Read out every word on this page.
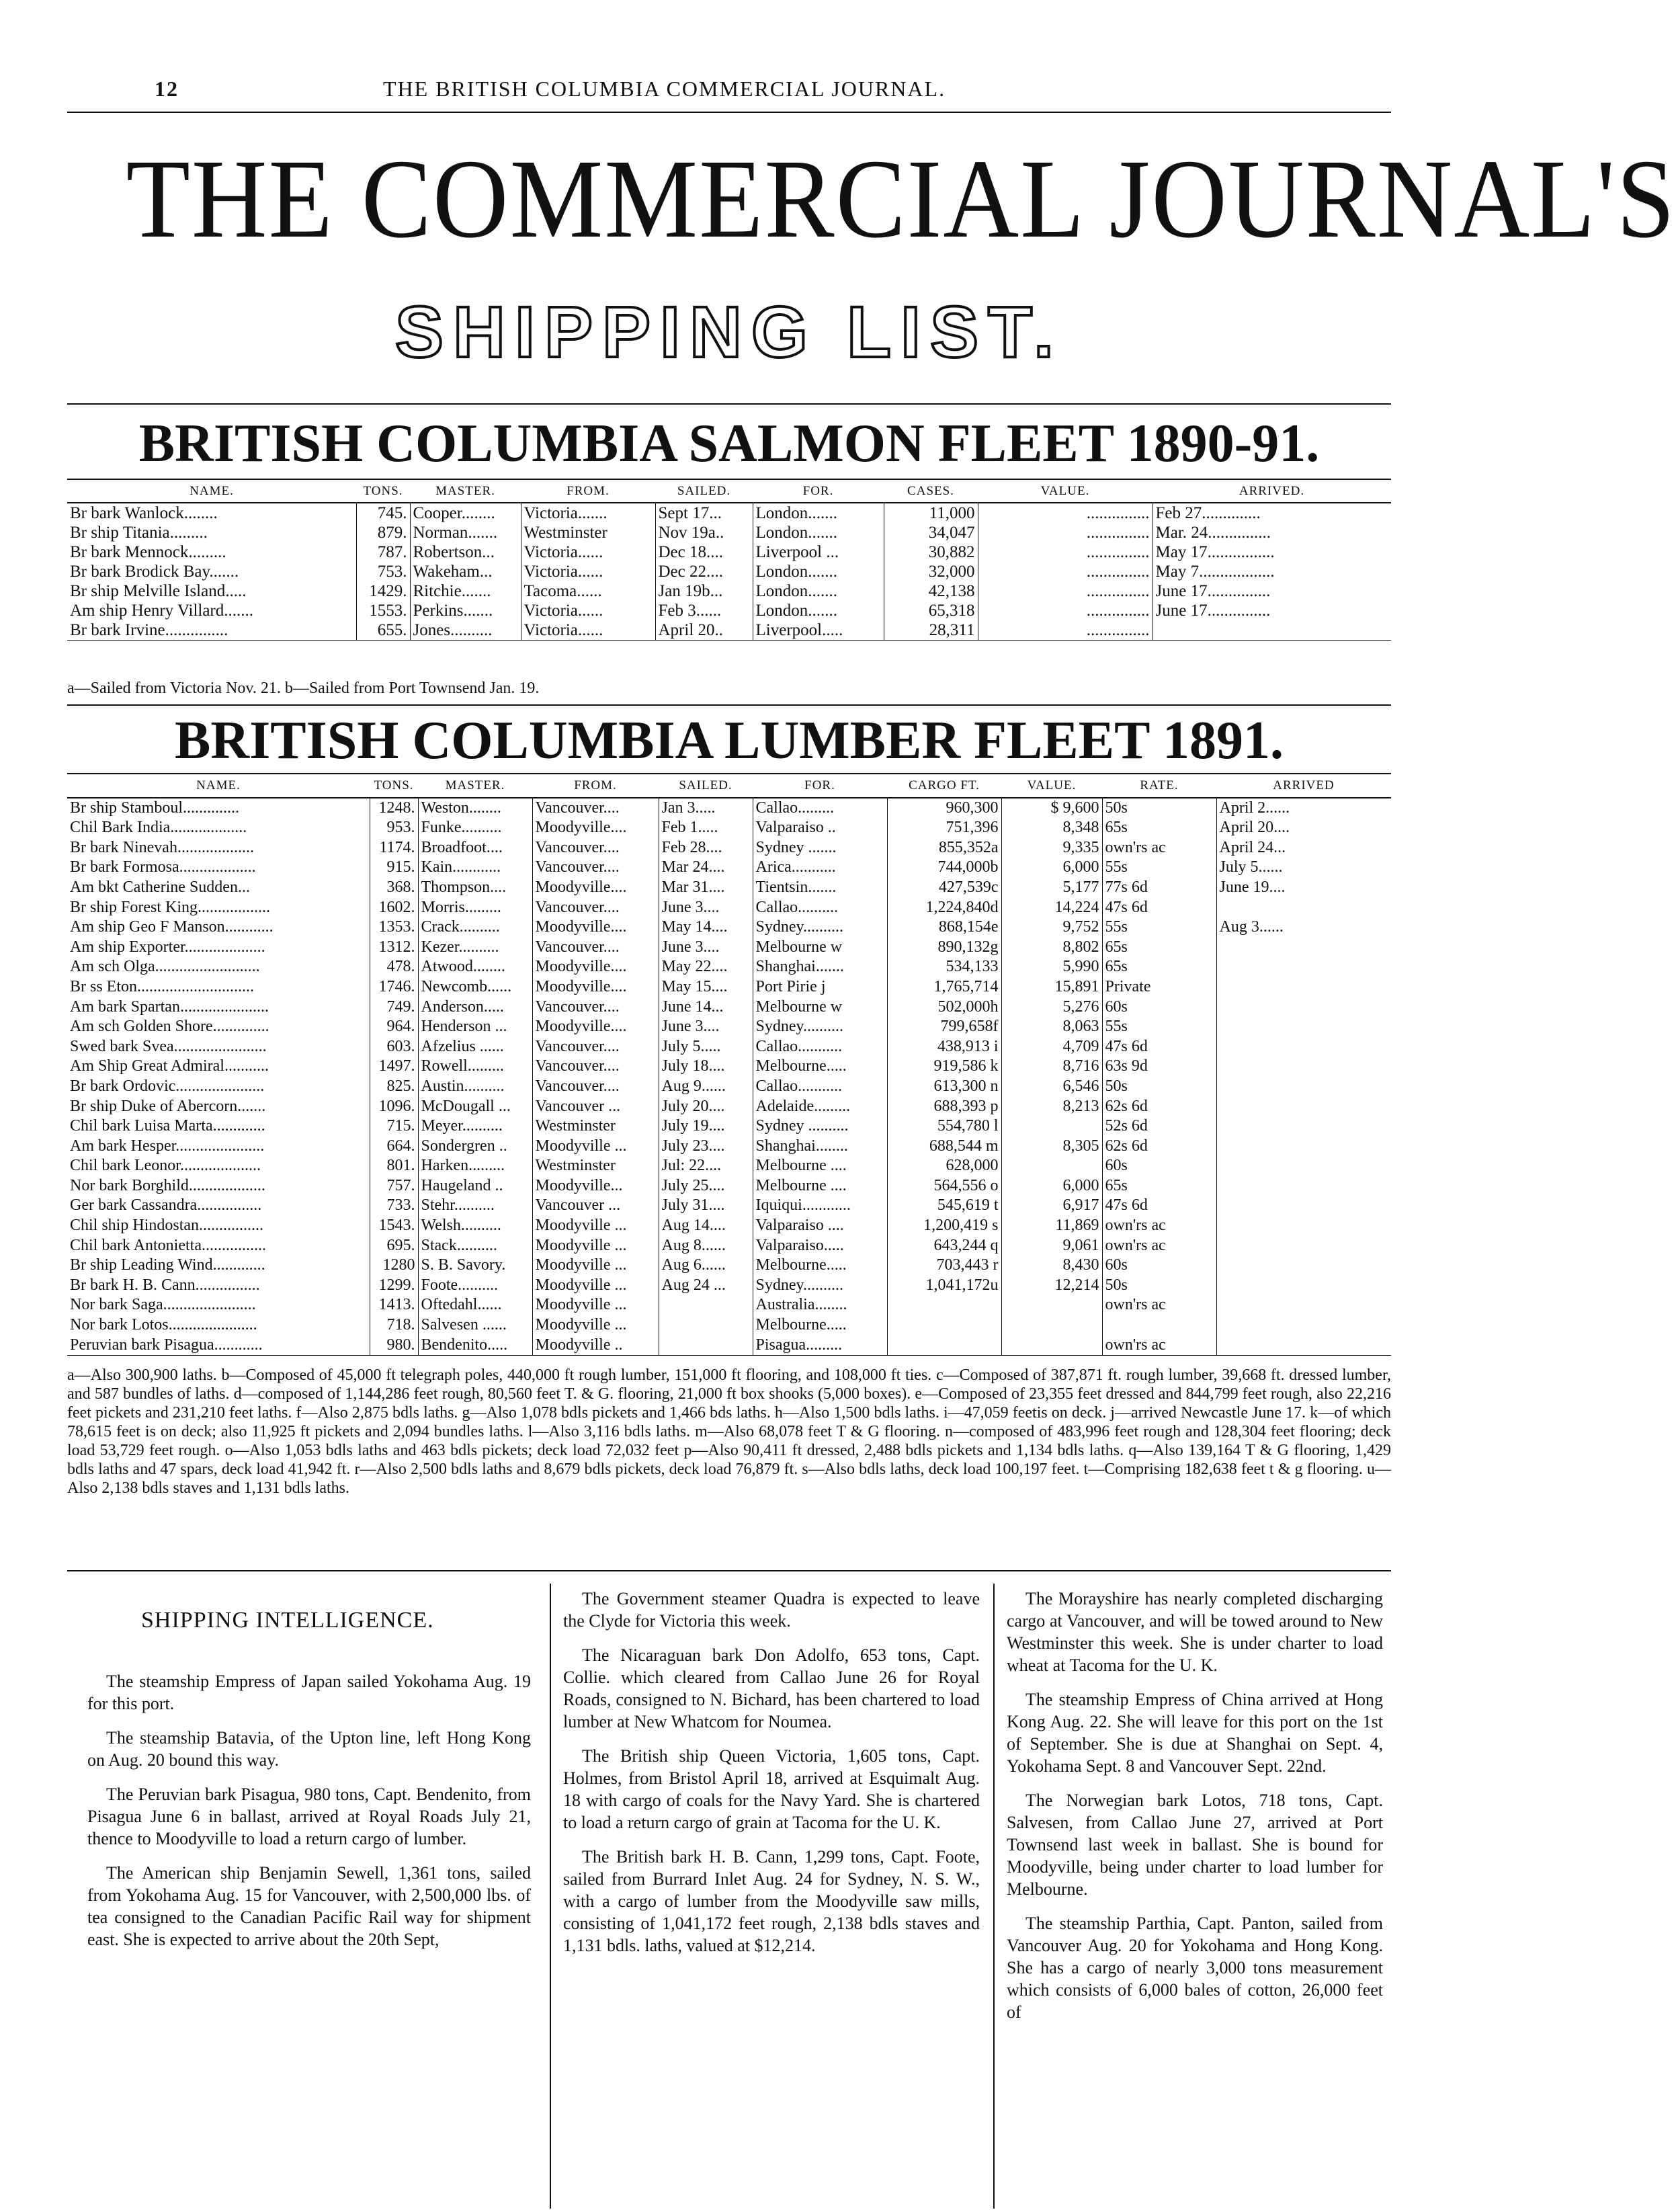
12	THE BRITISH COLUMBIA COMMERCIAL JOURNAL.
THE COMMERCIAL JOURNAL'S
SHIPPING LIST.
BRITISH COLUMBIA SALMON FLEET 1890-91.
NAME.	TONS.	MASTER.	FROM.	SAILED.	FOR.	CASES.	VALUE.	ARRIVED.
Br bark Wanlock........	745.	Cooper........	Victoria.......	Sept 17...	London.......	11,000	...............	Feb 27..............
Br ship Titania.........	879.	Norman.......	Westminster	Nov 19a..	London.......	34,047	...............	Mar. 24...............
Br bark Mennock.........	787.	Robertson...	Victoria......	Dec 18....	Liverpool ...	30,882	...............	May 17................
Br bark Brodick Bay.......	753.	Wakeham...	Victoria......	Dec 22....	London.......	32,000	...............	May 7..................
Br ship Melville Island.....	1429.	Ritchie.......	Tacoma......	Jan 19b...	London.......	42,138	...............	June 17...............
Am ship Henry Villard.......	1553.	Perkins.......	Victoria......	Feb 3......	London.......	65,318	...............	June 17...............
Br bark Irvine...............	655.	Jones..........	Victoria......	April 20..	Liverpool.....	28,311	...............	
a—Sailed from Victoria Nov. 21. b—Sailed from Port Townsend Jan. 19.
BRITISH COLUMBIA LUMBER FLEET 1891.
NAME.	TONS.	MASTER.	FROM.	SAILED.	FOR.	CARGO FT.	VALUE.	RATE.	ARRIVED
Br ship Stamboul..............	1248.	Weston........	Vancouver....	Jan 3.....	Callao.........	960,300	$ 9,600	50s	April 2......
Chil Bark India...................	953.	Funke..........	Moodyville....	Feb 1.....	Valparaiso ..	751,396	8,348	65s	April 20....
Br bark Ninevah...................	1174.	Broadfoot....	Vancouver....	Feb 28....	Sydney .......	855,352a	9,335	own'rs ac	April 24...
Br bark Formosa...................	915.	Kain............	Vancouver....	Mar 24....	Arica...........	744,000b	6,000	55s	July 5......
Am bkt Catherine Sudden...	368.	Thompson....	Moodyville....	Mar 31....	Tientsin.......	427,539c	5,177	77s 6d	June 19....
Br ship Forest King..................	1602.	Morris.........	Vancouver....	June 3....	Callao..........	1,224,840d	14,224	47s 6d	
Am ship Geo F Manson............	1353.	Crack..........	Moodyville....	May 14....	Sydney..........	868,154e	9,752	55s	Aug 3......
Am ship Exporter....................	1312.	Kezer..........	Vancouver....	June 3....	Melbourne w	890,132g	8,802	65s	
Am sch Olga..........................	478.	Atwood........	Moodyville....	May 22....	Shanghai.......	534,133	5,990	65s	
Br ss Eton.............................	1746.	Newcomb......	Moodyville....	May 15....	Port Pirie j	1,765,714	15,891	Private	
Am bark Spartan......................	749.	Anderson.....	Vancouver....	June 14...	Melbourne w	502,000h	5,276	60s	
Am sch Golden Shore..............	964.	Henderson ...	Moodyville....	June 3....	Sydney..........	799,658f	8,063	55s	
Swed bark Svea.......................	603.	Afzelius ......	Vancouver....	July 5.....	Callao...........	438,913 i	4,709	47s 6d	
Am Ship Great Admiral...........	1497.	Rowell.........	Vancouver....	July 18....	Melbourne.....	919,586 k	8,716	63s 9d	
Br bark Ordovic......................	825.	Austin..........	Vancouver....	Aug 9......	Callao...........	613,300 n	6,546	50s	
Br ship Duke of Abercorn.......	1096.	McDougall ...	Vancouver ...	July 20....	Adelaide.........	688,393 p	8,213	62s 6d	
Chil bark Luisa Marta.............	715.	Meyer..........	Westminster	July 19....	Sydney ..........	554,780 l		52s 6d	
Am bark Hesper......................	664.	Sondergren ..	Moodyville ...	July 23....	Shanghai........	688,544 m	8,305	62s 6d	
Chil bark Leonor....................	801.	Harken.........	Westminster	Jul: 22....	Melbourne ....	628,000		60s	
Nor bark Borghild...................	757.	Haugeland ..	Moodyville...	July 25....	Melbourne ....	564,556 o	6,000	65s	
Ger bark Cassandra................	733.	Stehr..........	Vancouver ...	July 31....	Iquiqui............	545,619 t	6,917	47s 6d	
Chil ship Hindostan................	1543.	Welsh..........	Moodyville ...	Aug 14....	Valparaiso ....	1,200,419 s	11,869	own'rs ac	
Chil bark Antonietta................	695.	Stack..........	Moodyville ...	Aug 8......	Valparaiso.....	643,244 q	9,061	own'rs ac	
Br ship Leading Wind.............	1280	S. B. Savory.	Moodyville ...	Aug 6......	Melbourne.....	703,443 r	8,430	60s	
Br bark H. B. Cann................	1299.	Foote..........	Moodyville ...	Aug 24 ...	Sydney..........	1,041,172u	12,214	50s	
Nor bark Saga.......................	1413.	Oftedahl......	Moodyville ...		Australia........			own'rs ac	
Nor bark Lotos......................	718.	Salvesen ......	Moodyville ...		Melbourne.....				
Peruvian bark Pisagua............	980.	Bendenito.....	Moodyville ..		Pisagua.........			own'rs ac	
a—Also 300,900 laths. b—Composed of 45,000 ft telegraph poles, 440,000 ft rough lumber, 151,000 ft flooring, and 108,000 ft ties. c—Composed of 387,871 ft. rough lumber, 39,668 ft. dressed lumber, and 587 bundles of laths. d—composed of 1,144,286 feet rough, 80,560 feet T. & G. flooring, 21,000 ft box shooks (5,000 boxes). e—Composed of 23,355 feet dressed and 844,799 feet rough, also 22,216 feet pickets and 231,210 feet laths. f—Also 2,875 bdls laths. g—Also 1,078 bdls pickets and 1,466 bds laths. h—Also 1,500 bdls laths. i—47,059 feetis on deck. j—arrived Newcastle June 17. k—of which 78,615 feet is on deck; also 11,925 ft pickets and 2,094 bundles laths. l—Also 3,116 bdls laths. m—Also 68,078 feet T & G flooring. n—composed of 483,996 feet rough and 128,304 feet flooring; deck load 53,729 feet rough. o—Also 1,053 bdls laths and 463 bdls pickets; deck load 72,032 feet p—Also 90,411 ft dressed, 2,488 bdls pickets and 1,134 bdls laths. q—Also 139,164 T & G flooring, 1,429 bdls laths and 47 spars, deck load 41,942 ft. r—Also 2,500 bdls laths and 8,679 bdls pickets, deck load 76,879 ft. s—Also bdls laths, deck load 100,197 feet. t—Comprising 182,638 feet t & g flooring. u—Also 2,138 bdls staves and 1,131 bdls laths.
SHIPPING INTELLIGENCE.

The steamship Empress of Japan sailed Yokohama Aug. 19 for this port.

The steamship Batavia, of the Upton line, left Hong Kong on Aug. 20 bound this way.

The Peruvian bark Pisagua, 980 tons, Capt. Bendenito, from Pisagua June 6 in ballast, arrived at Royal Roads July 21, thence to Moodyville to load a return cargo of lumber.

The American ship Benjamin Sewell, 1,361 tons, sailed from Yokohama Aug. 15 for Vancouver, with 2,500,000 lbs. of tea consigned to the Canadian Pacific Rail way for shipment east. She is expected to arrive about the 20th Sept,

The Government steamer Quadra is expected to leave the Clyde for Victoria this week.

The Nicaraguan bark Don Adolfo, 653 tons, Capt. Collie. which cleared from Callao June 26 for Royal Roads, consigned to N. Bichard, has been chartered to load lumber at New Whatcom for Noumea.

The British ship Queen Victoria, 1,605 tons, Capt. Holmes, from Bristol April 18, arrived at Esquimalt Aug. 18 with cargo of coals for the Navy Yard. She is chartered to load a return cargo of grain at Tacoma for the U. K.

The British bark H. B. Cann, 1,299 tons, Capt. Foote, sailed from Burrard Inlet Aug. 24 for Sydney, N. S. W., with a cargo of lumber from the Moodyville saw mills, consisting of 1,041,172 feet rough, 2,138 bdls staves and 1,131 bdls. laths, valued at $12,214.

The Morayshire has nearly completed discharging cargo at Vancouver, and will be towed around to New Westminster this week. She is under charter to load wheat at Tacoma for the U. K.

The steamship Empress of China arrived at Hong Kong Aug. 22. She will leave for this port on the 1st of September. She is due at Shanghai on Sept. 4, Yokohama Sept. 8 and Vancouver Sept. 22nd.

The Norwegian bark Lotos, 718 tons, Capt. Salvesen, from Callao June 27, arrived at Port Townsend last week in ballast. She is bound for Moodyville, being under charter to load lumber for Melbourne.

The steamship Parthia, Capt. Panton, sailed from Vancouver Aug. 20 for Yokohama and Hong Kong. She has a cargo of nearly 3,000 tons measurement which consists of 6,000 bales of cotton, 26,000 feet of
